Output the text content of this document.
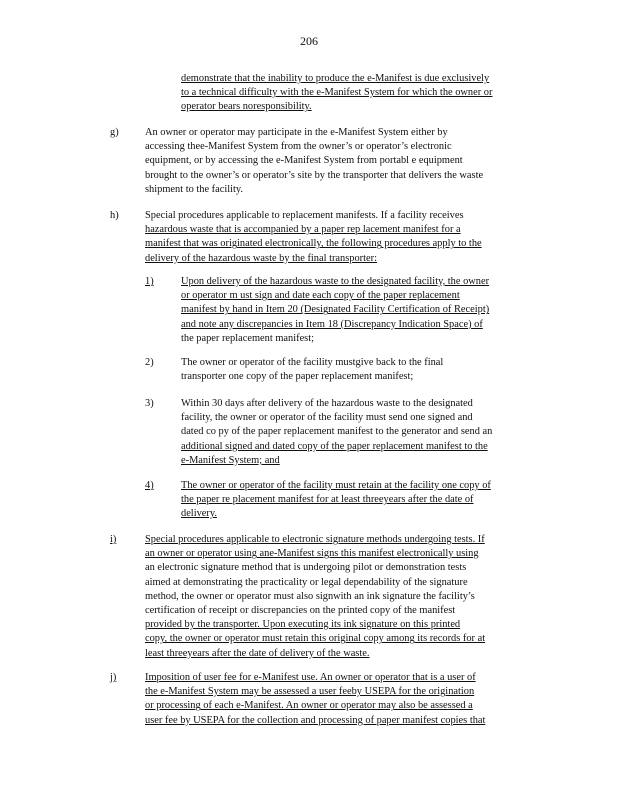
206
demonstrate that the inability to produce the e-Manifest is due exclusively
to a technical difficulty with the e-Manifest System for which the owner or
operator bears noresponsibility.
g)	An owner or operator may participate in the e-Manifest System either by
accessing thee-Manifest System from the owner’s or operator’s electronic
equipment, or by accessing the e-Manifest System from portabl e equipment
brought to the owner’s or operator’s site by the transporter that delivers the waste
shipment to the facility.
h)	Special procedures applicable to replacement manifests. If a facility receives
hazardous waste that is accompanied by a paper rep lacement manifest for a
manifest that was originated electronically, the following procedures apply to the
delivery of the hazardous waste by the final transporter:
1)	Upon delivery of the hazardous waste to the designated facility, the owner
or operator m ust sign and date each copy of the paper replacement
manifest by hand in Item 20 (Designated Facility Certification of Receipt)
and note any discrepancies in Item 18 (Discrepancy Indication Space) of
the paper replacement manifest;
2)	The owner or operator of the facility mustgive back to the final
transporter one copy of the paper replacement manifest;
3)	Within 30 days after delivery of the hazardous waste to the designated
facility, the owner or operator of the facility must send one signed and
dated co py of the paper replacement manifest to the generator and send an
additional signed and dated copy of the paper replacement manifest to the
e-Manifest System; and
4)	The owner or operator of the facility must retain at the facility one copy of
the paper re placement manifest for at least threeyears after the date of
delivery.
i)	Special procedures applicable to electronic signature methods undergoing tests. If
an owner or operator using ane-Manifest signs this manifest electronically using
an electronic signature method that is undergoing pilot or demonstration tests
aimed at demonstrating the practicality or legal dependability of the signature
method, the owner or operator must also signwith an ink signature the facility’s
certification of receipt or discrepancies on the printed copy of the manifest
provided by the transporter. Upon executing its ink signature on this printed
copy, the owner or operator must retain this original copy among its records for at
least threeyears after the date of delivery of the waste.
j)	Imposition of user fee for e-Manifest use. An owner or operator that is a user of
the e-Manifest System may be assessed a user feeby USEPA for the origination
or processing of each e-Manifest. An owner or operator may also be assessed a
user fee by USEPA for the collection and processing of paper manifest copies that
